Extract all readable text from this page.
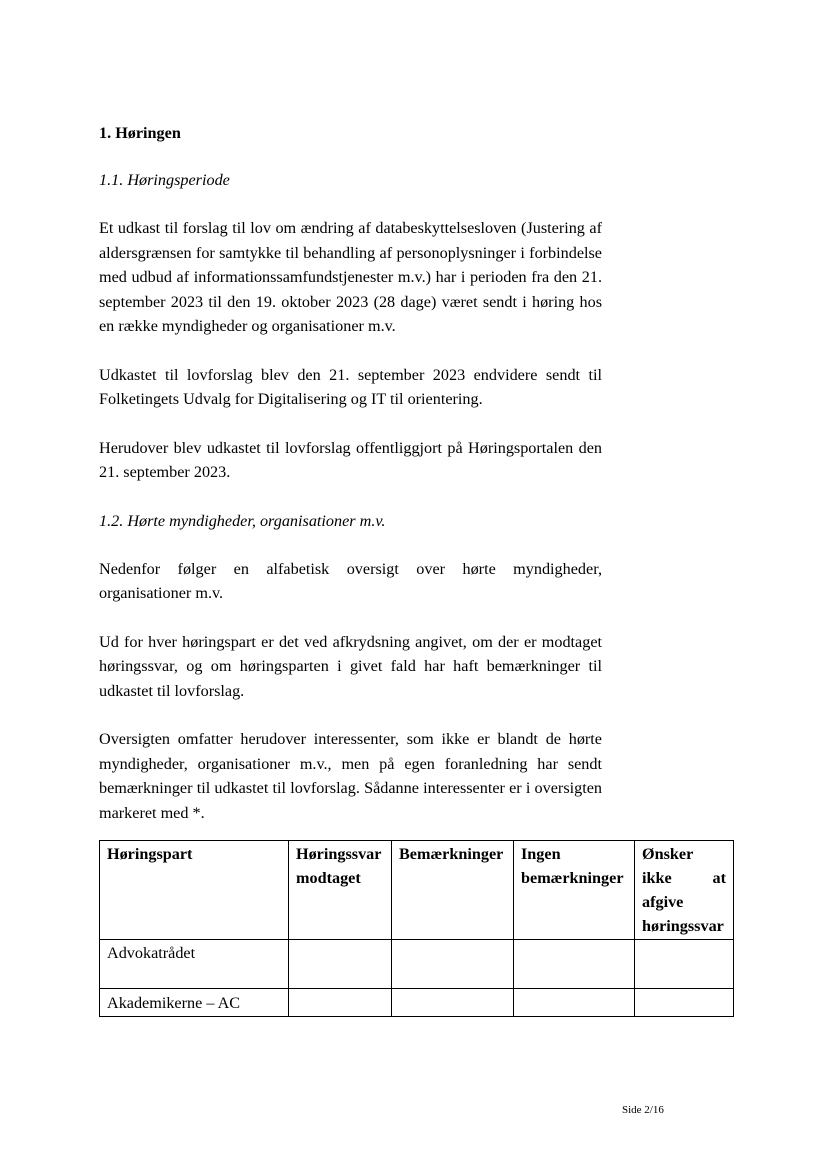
1. Høringen
1.1. Høringsperiode

Et udkast til forslag til lov om ændring af databeskyttelsesloven (Justering af aldersgrænsen for samtykke til behandling af personoplysninger i forbindelse med udbud af informationssamfundstjenester m.v.) har i perioden fra den 21. september 2023 til den 19. oktober 2023 (28 dage) været sendt i høring hos en række myndigheder og organisationer m.v.

Udkastet til lovforslag blev den 21. september 2023 endvidere sendt til Folketingets Udvalg for Digitalisering og IT til orientering.

Herudover blev udkastet til lovforslag offentliggjort på Høringsportalen den 21. september 2023.

1.2. Hørte myndigheder, organisationer m.v.

Nedenfor følger en alfabetisk oversigt over hørte myndigheder, organisationer m.v.

Ud for hver høringspart er det ved afkrydsning angivet, om der er modtaget høringssvar, og om høringsparten i givet fald har haft bemærkninger til udkastet til lovforslag.

Oversigten omfatter herudover interessenter, som ikke er blandt de hørte myndigheder, organisationer m.v., men på egen foranledning har sendt bemærkninger til udkastet til lovforslag. Sådanne interessenter er i oversigten markeret med *.

Høringspart	Høringssvar modtaget	Bemærkninger	Ingen bemærkninger	Ønsker
ikke at
afgive
høringssvar

Advokatrådet				
Akademikerne – AC				
Side 2/16
